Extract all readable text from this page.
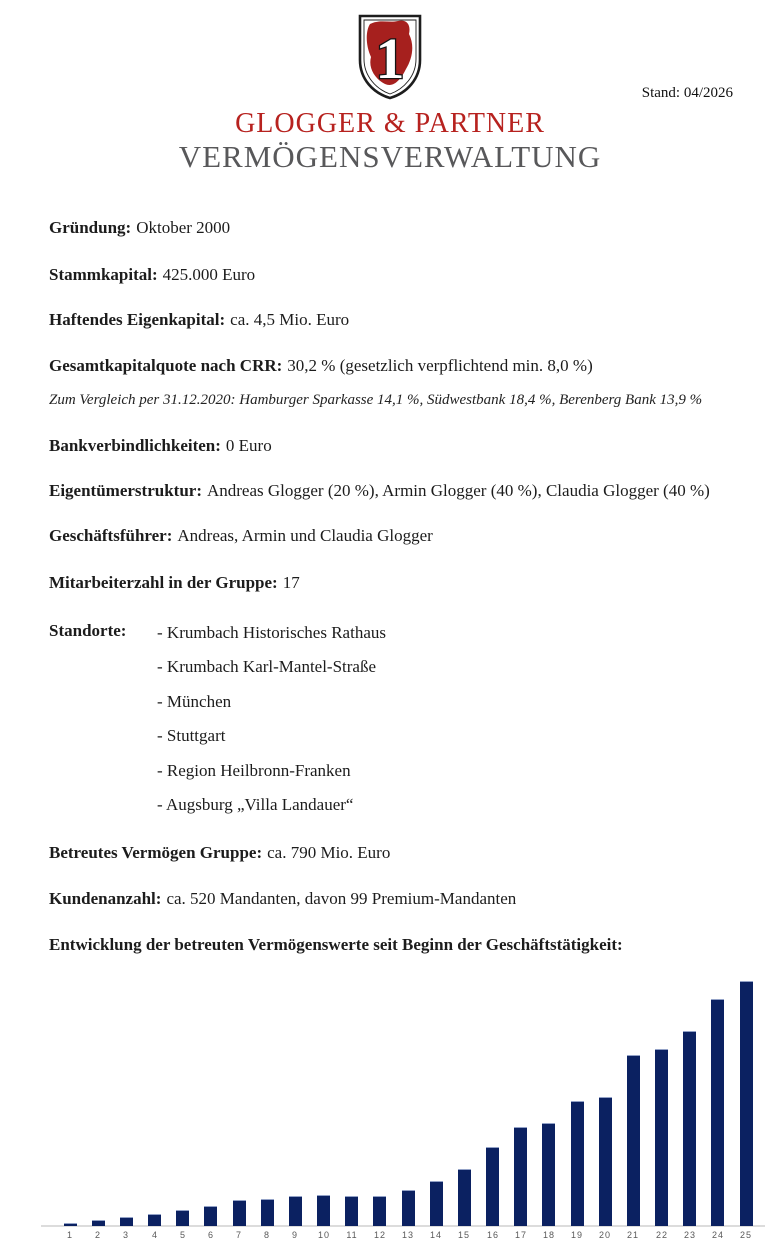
1
Stand: 04/2026
GLOGGER & PARTNER
VERMÖGENSVERWALTUNG
Gründung: Oktober 2000
Stammkapital: 425.000 Euro
Haftendes Eigenkapital: ca. 4,5 Mio. Euro
Gesamtkapitalquote nach CRR: 30,2 % (gesetzlich verpflichtend min. 8,0 %)
Zum Vergleich per 31.12.2020: Hamburger Sparkasse 14,1 %, Südwestbank 18,4 %, Berenberg Bank 13,9 %
Bankverbindlichkeiten: 0 Euro
Eigentümerstruktur: Andreas Glogger (20 %), Armin Glogger (40 %), Claudia Glogger (40 %)
Geschäftsführer: Andreas, Armin und Claudia Glogger
Mitarbeiterzahl in der Gruppe: 17
Standorte: - Krumbach Historisches Rathaus
- Krumbach Karl-Mantel-Straße
- München
- Stuttgart
- Region Heilbronn-Franken
- Augsburg „Villa Landauer“
Betreutes Vermögen Gruppe: ca. 790 Mio. Euro
Kundenanzahl: ca. 520 Mandanten, davon 99 Premium-Mandanten
Entwicklung der betreuten Vermögenswerte seit Beginn der Geschäftstätigkeit:
1	2	3	4	5	6	7	8	9	10	11	12	13	14	15	16	17	18	19	20	21	22	23	24	25
